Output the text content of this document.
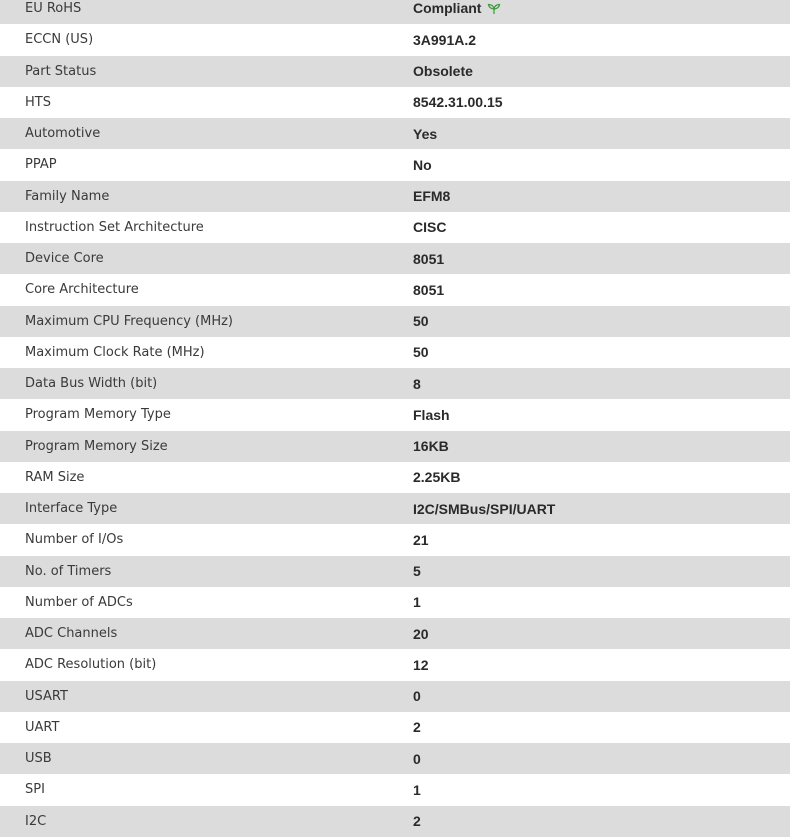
EU RoHS	Compliant
ECCN (US)	3A991A.2
Part Status	Obsolete
HTS	8542.31.00.15
Automotive	Yes
PPAP	No
Family Name	EFM8
Instruction Set Architecture	CISC
Device Core	8051
Core Architecture	8051
Maximum CPU Frequency (MHz)	50
Maximum Clock Rate (MHz)	50
Data Bus Width (bit)	8
Program Memory Type	Flash
Program Memory Size	16KB
RAM Size	2.25KB
Interface Type	I2C/SMBus/SPI/UART
Number of I/Os	21
No. of Timers	5
Number of ADCs	1
ADC Channels	20
ADC Resolution (bit)	12
USART	0
UART	2
USB	0
SPI	1
I2C	2
